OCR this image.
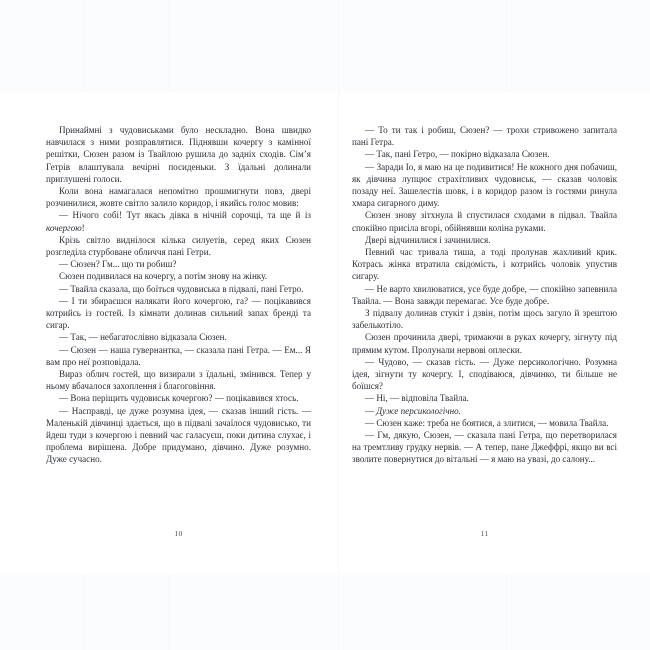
Принаймні з чудовиськами було нескладно. Вона швидко навчилася з ними розправлятися. Піднявши кочергу з камінної решітки, Сюзен разом із Твайлою рушила до задніх сходів. Сім’я Гетрів влаштувала вечірні посиденьки. З їдальні долинали приглушені голоси.

Коли вона намагалася непомітно прошмигнути повз, двері розчинилися, жовте світло залило коридор, і якийсь голос мовив:

— Нічого собі! Тут якась дівка в нічній сорочці, та ще й із кочергою!

Крізь світло виднілося кілька силуетів, серед яких Сюзен розгледіла стурбоване обличчя пані Гетри.

— Сюзен? Гм... що ти робиш?

Сюзен подивилася на кочергу, а потім знову на жінку.

— Твайла сказала, що боїться чудовиська в підвалі, пані Гетро.

— І ти збираєшся налякати його кочергою, га? — поцікавився котрийсь із гостей. Із кімнати долинав сильний запах бренді та сигар.

— Так, — небагатослівно відказала Сюзен.

— Сюзен — наша гувернантка, — сказала пані Гетра. — Ем... Я вам про неї розповідала.

Вираз облич гостей, що визирали з їдальні, змінився. Тепер у ньому вбачалося захоплення і благоговіння.

— Вона періщить чудовиськ кочергою? — поцікавився хтось.

— Насправді, це дуже розумна ідея, — сказав інший гість. — Маленькій дівчинці здається, що в підвалі зачаїлося чудовисько, ти йдеш туди з кочергою і певний час галасуєш, поки дитина слухає, і проблема вирішена. Добре придумано, дівчино. Дуже розумно. Дуже сучасно.

10

— То ти так і робиш, Сюзен? — трохи стривожено запитала пані Гетра.

— Так, пані Гетро, — покірно відказала Сюзен.

— Заради Іо, я маю на це подивитися! Не кожного дня побачиш, як дівчина лупцює страхітливих чудовиськ, — сказав чоловік позаду неї. Зашелестів шовк, і в коридор разом із гостями ринула хмара сигарного диму.

Сюзен знову зітхнула й спустилася сходами в підвал. Твайла спокійно присіла вгорі, обійнявши коліна руками.

Двері відчинилися і зачинилися.

Певний час тривала тиша, а тоді пролунав жахливий крик. Котрась жінка втратила свідомість, і котрийсь чоловік упустив сигару.

— Не варто хвилюватися, усе буде добре, — спокійно запевнила Твайла. — Вона завжди перемагає. Усе буде добре.

З підвалу долинав стукіт і дзвін, потім щось загуло й зрештою забелькотіло.

Сюзен прочинила двері, тримаючи в руках кочергу, зігнуту під прямим кутом. Пролунали нервові оплески.

— Чудово, — сказав гість. — Дуже персикологічно. Розумна ідея, зігнути ту кочергу. І, сподіваюся, дівчинко, ти більше не боїшся?

— Ні, — відповіла Твайла.

— Дуже персикологічно.

— Сюзен каже: треба не боятися, а злитися, — мовила Твайла.

— Гм, дякую, Сюзен, — сказала пані Гетра, що перетворилася на тремтливу грудку нервів. — А тепер, пане Джеффрі, якщо ви всі зволите повернутися до вітальні — я маю на увазі, до салону...

11
